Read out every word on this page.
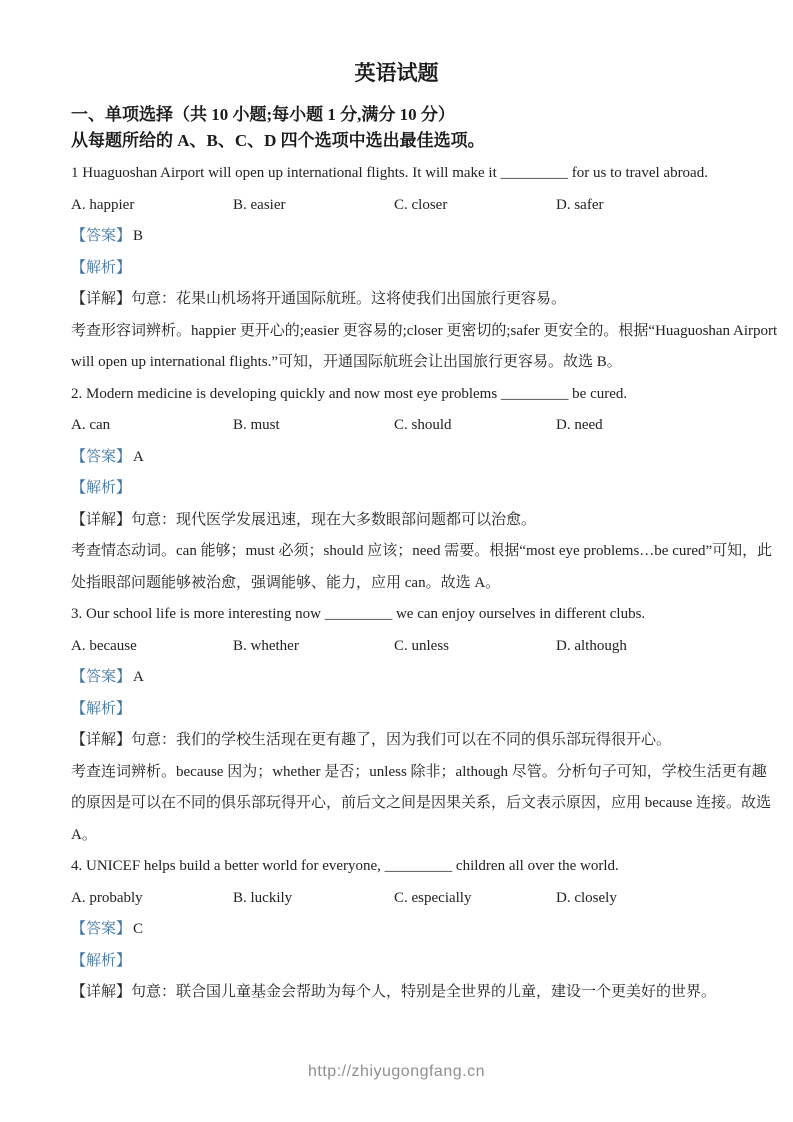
英语试题
一、单项选择（共 10 小题;每小题 1 分,满分 10 分）
从每题所给的 A、B、C、D 四个选项中选出最佳选项。
1 Huaguoshan Airport will open up international flights. It will make it _________ for us to travel abroad.
A. happier	B. easier	C. closer	D. safer
【答案】 B
【解析】
【详解】句意：花果山机场将开通国际航班。这将使我们出国旅行更容易。
考查形容词辨析。happier 更开心的;easier 更容易的;closer 更密切的;safer 更安全的。根据“Huaguoshan Airport
will open up international flights.”可知，开通国际航班会让出国旅行更容易。故选 B。
2. Modern medicine is developing quickly and now most eye problems _________ be cured.
A. can	B. must	C. should	D. need
【答案】 A
【解析】
【详解】句意：现代医学发展迅速，现在大多数眼部问题都可以治愈。
考查情态动词。can 能够；must 必须；should 应该；need 需要。根据“most eye problems…be cured”可知，此
处指眼部问题能够被治愈，强调能够、能力，应用 can。故选 A。
3. Our school life is more interesting now _________ we can enjoy ourselves in different clubs.
A. because	B. whether	C. unless	D. although
【答案】 A
【解析】
【详解】句意：我们的学校生活现在更有趣了，因为我们可以在不同的俱乐部玩得很开心。
考查连词辨析。because 因为；whether 是否；unless 除非；although 尽管。分析句子可知，学校生活更有趣
的原因是可以在不同的俱乐部玩得开心，前后文之间是因果关系，后文表示原因，应用 because 连接。故选
A。
4. UNICEF helps build a better world for everyone, _________ children all over the world.
A. probably	B. luckily	C. especially	D. closely
【答案】 C
【解析】
【详解】句意：联合国儿童基金会帮助为每个人，特别是全世界的儿童，建设一个更美好的世界。
http://zhiyugongfang.cn
